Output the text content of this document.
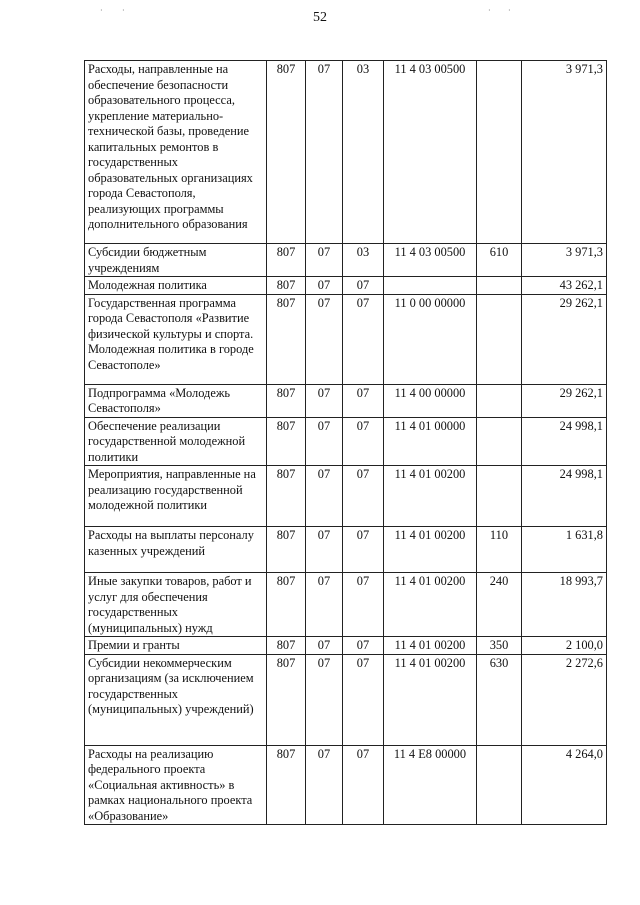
52
· ·	· ·
Расходы, направленные на обеспечение безопасности образовательного процесса, укрепление материально-технической базы, проведение капитальных ремонтов в государственных образовательных организациях города Севастополя, реализующих программы дополнительного образования	807	07	03	11 4 03 00500		3 971,3
Субсидии бюджетным учреждениям	807	07	03	11 4 03 00500	610	3 971,3
Молодежная политика	807	07	07			43 262,1
Государственная программа города Севастополя «Развитие физической культуры и спорта. Молодежная политика в городе Севастополе»	807	07	07	11 0 00 00000		29 262,1
Подпрограмма «Молодежь Севастополя»	807	07	07	11 4 00 00000		29 262,1
Обеспечение реализации государственной молодежной политики	807	07	07	11 4 01 00000		24 998,1
Мероприятия, направленные на реализацию государственной молодежной политики	807	07	07	11 4 01 00200		24 998,1
Расходы на выплаты персоналу казенных учреждений	807	07	07	11 4 01 00200	110	1 631,8
Иные закупки товаров, работ и услуг для обеспечения государственных (муниципальных) нужд	807	07	07	11 4 01 00200	240	18 993,7
Премии и гранты	807	07	07	11 4 01 00200	350	2 100,0
Субсидии некоммерческим организациям (за исключением государственных (муниципальных) учреждений)	807	07	07	11 4 01 00200	630	2 272,6
Расходы на реализацию федерального проекта «Социальная активность» в рамках национального проекта «Образование»	807	07	07	11 4 E8 00000		4 264,0
